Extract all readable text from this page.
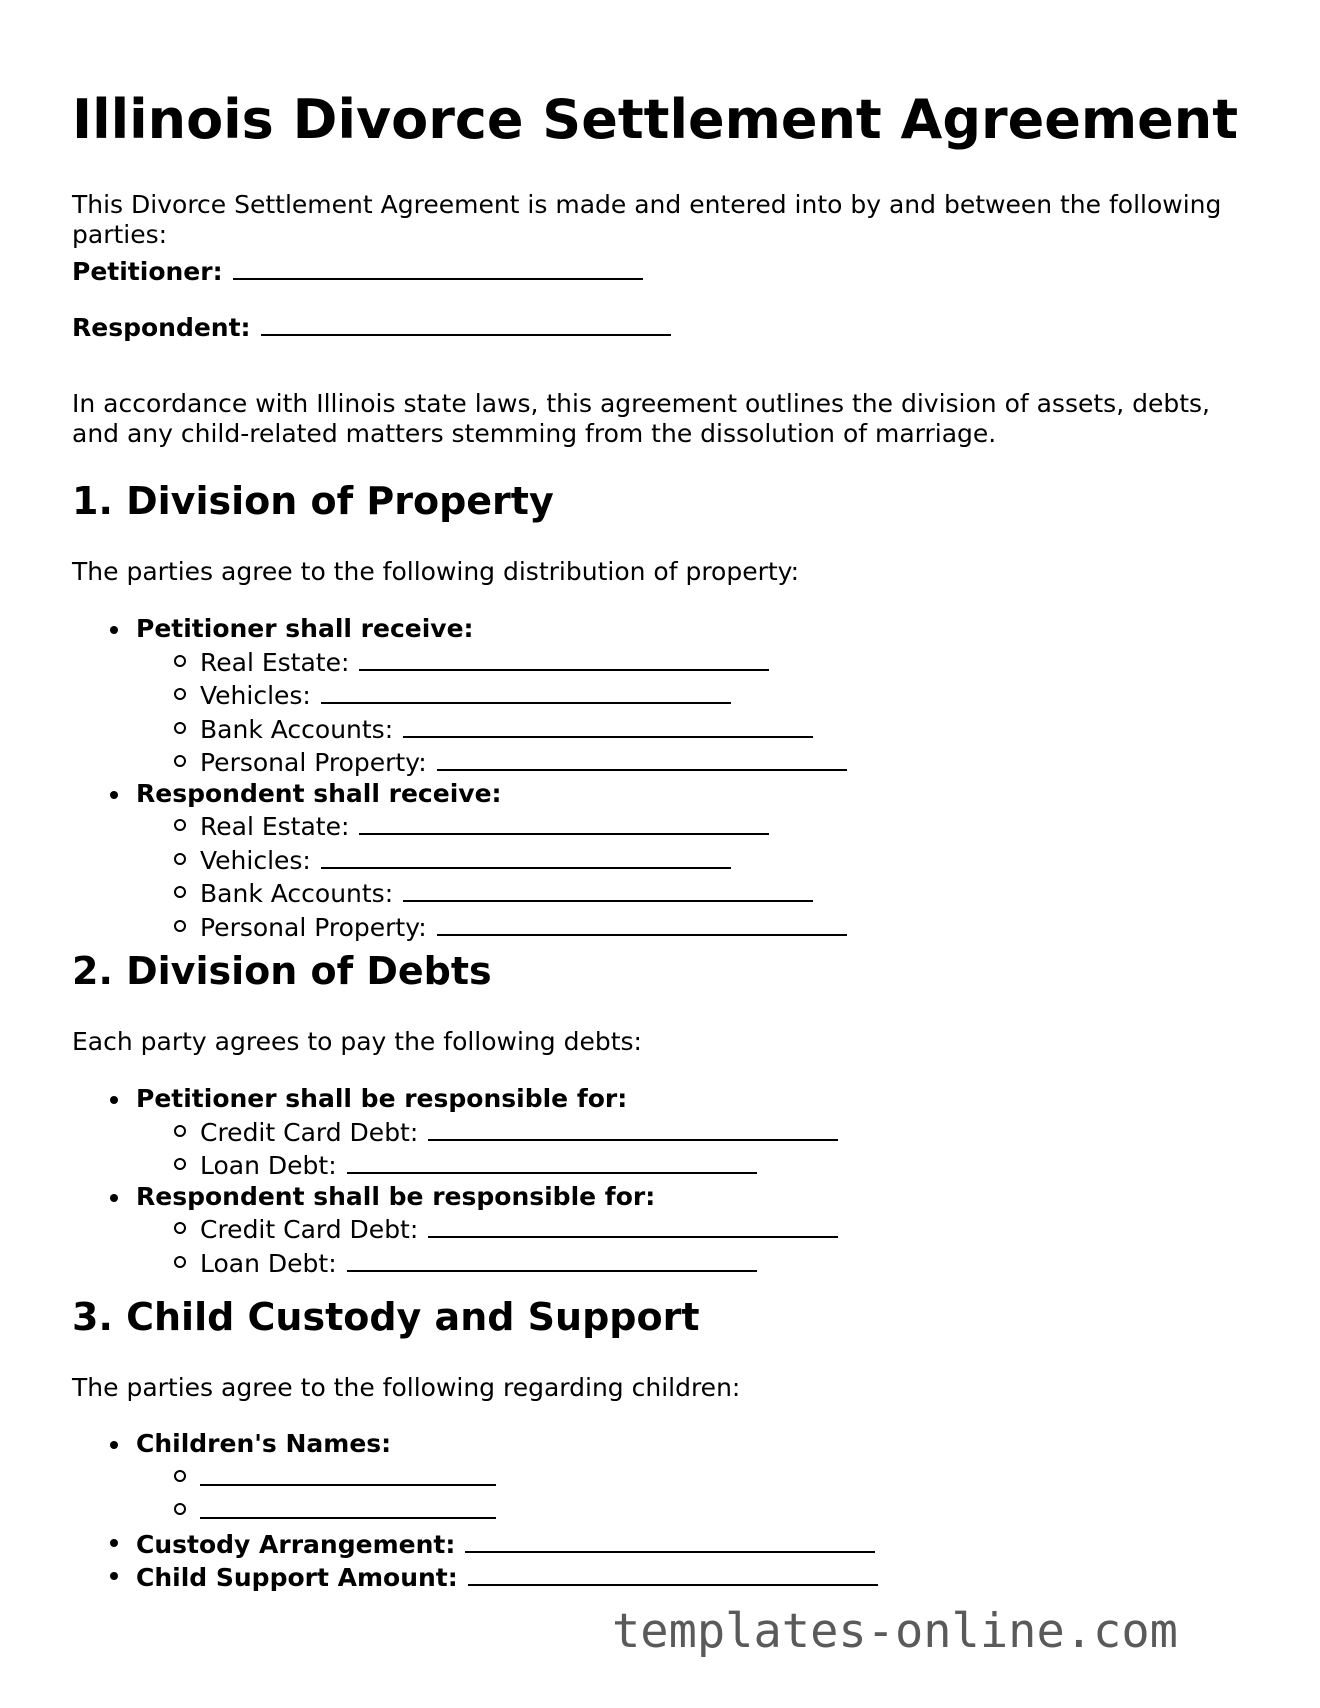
Illinois Divorce Settlement Agreement

This Divorce Settlement Agreement is made and entered into by and between the following parties:

Petitioner:
Respondent:

In accordance with Illinois state laws, this agreement outlines the division of assets, debts, and any child-related matters stemming from the dissolution of marriage.

1. Division of Property

The parties agree to the following distribution of property:

Petitioner shall receive:
Real Estate:
Vehicles:
Bank Accounts:
Personal Property:
Respondent shall receive:
Real Estate:
Vehicles:
Bank Accounts:
Personal Property:
2. Division of Debts

Each party agrees to pay the following debts:

Petitioner shall be responsible for:
Credit Card Debt:
Loan Debt:
Respondent shall be responsible for:
Credit Card Debt:
Loan Debt:
3. Child Custody and Support

The parties agree to the following regarding children:

Children's Names:
Custody Arrangement:
Child Support Amount:
templates-online.com
